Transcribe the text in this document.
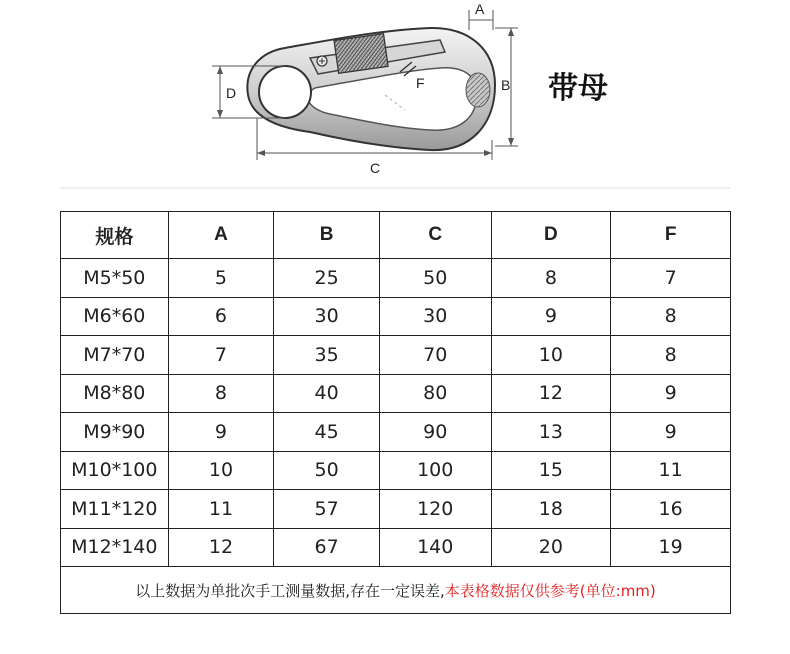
A
B
C
D
F	带母
规格	A	B	C	D	F
M5*50	5	25	50	8	7
M6*60	6	30	30	9	8
M7*70	7	35	70	10	8
M8*80	8	40	80	12	9
M9*90	9	45	90	13	9
M10*100	10	50	100	15	11
M11*120	11	57	120	18	16
M12*140	12	67	140	20	19
以上数据为单批次手工测量数据,存在一定误差,本表格数据仅供参考(单位:mm)					
